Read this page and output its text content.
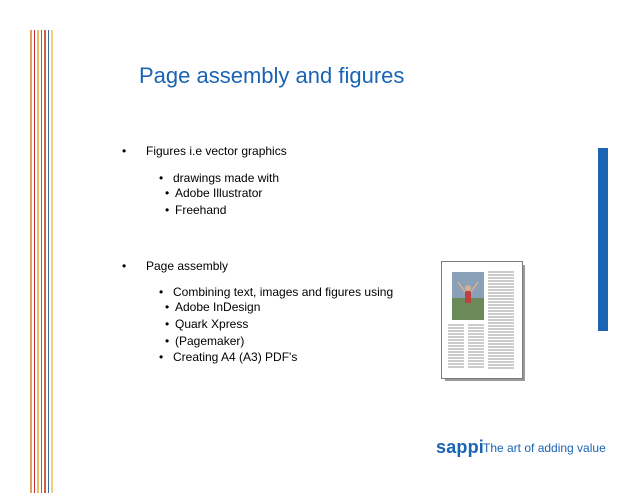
Page assembly and figures
• Figures i.e vector graphics
• drawings made with
• Adobe Illustrator
• Freehand
• Page assembly
• Combining text, images and figures using
• Adobe InDesign
• Quark Xpress
• (Pagemaker)
• Creating A4 (A3) PDF's
sappi
The art of adding value
